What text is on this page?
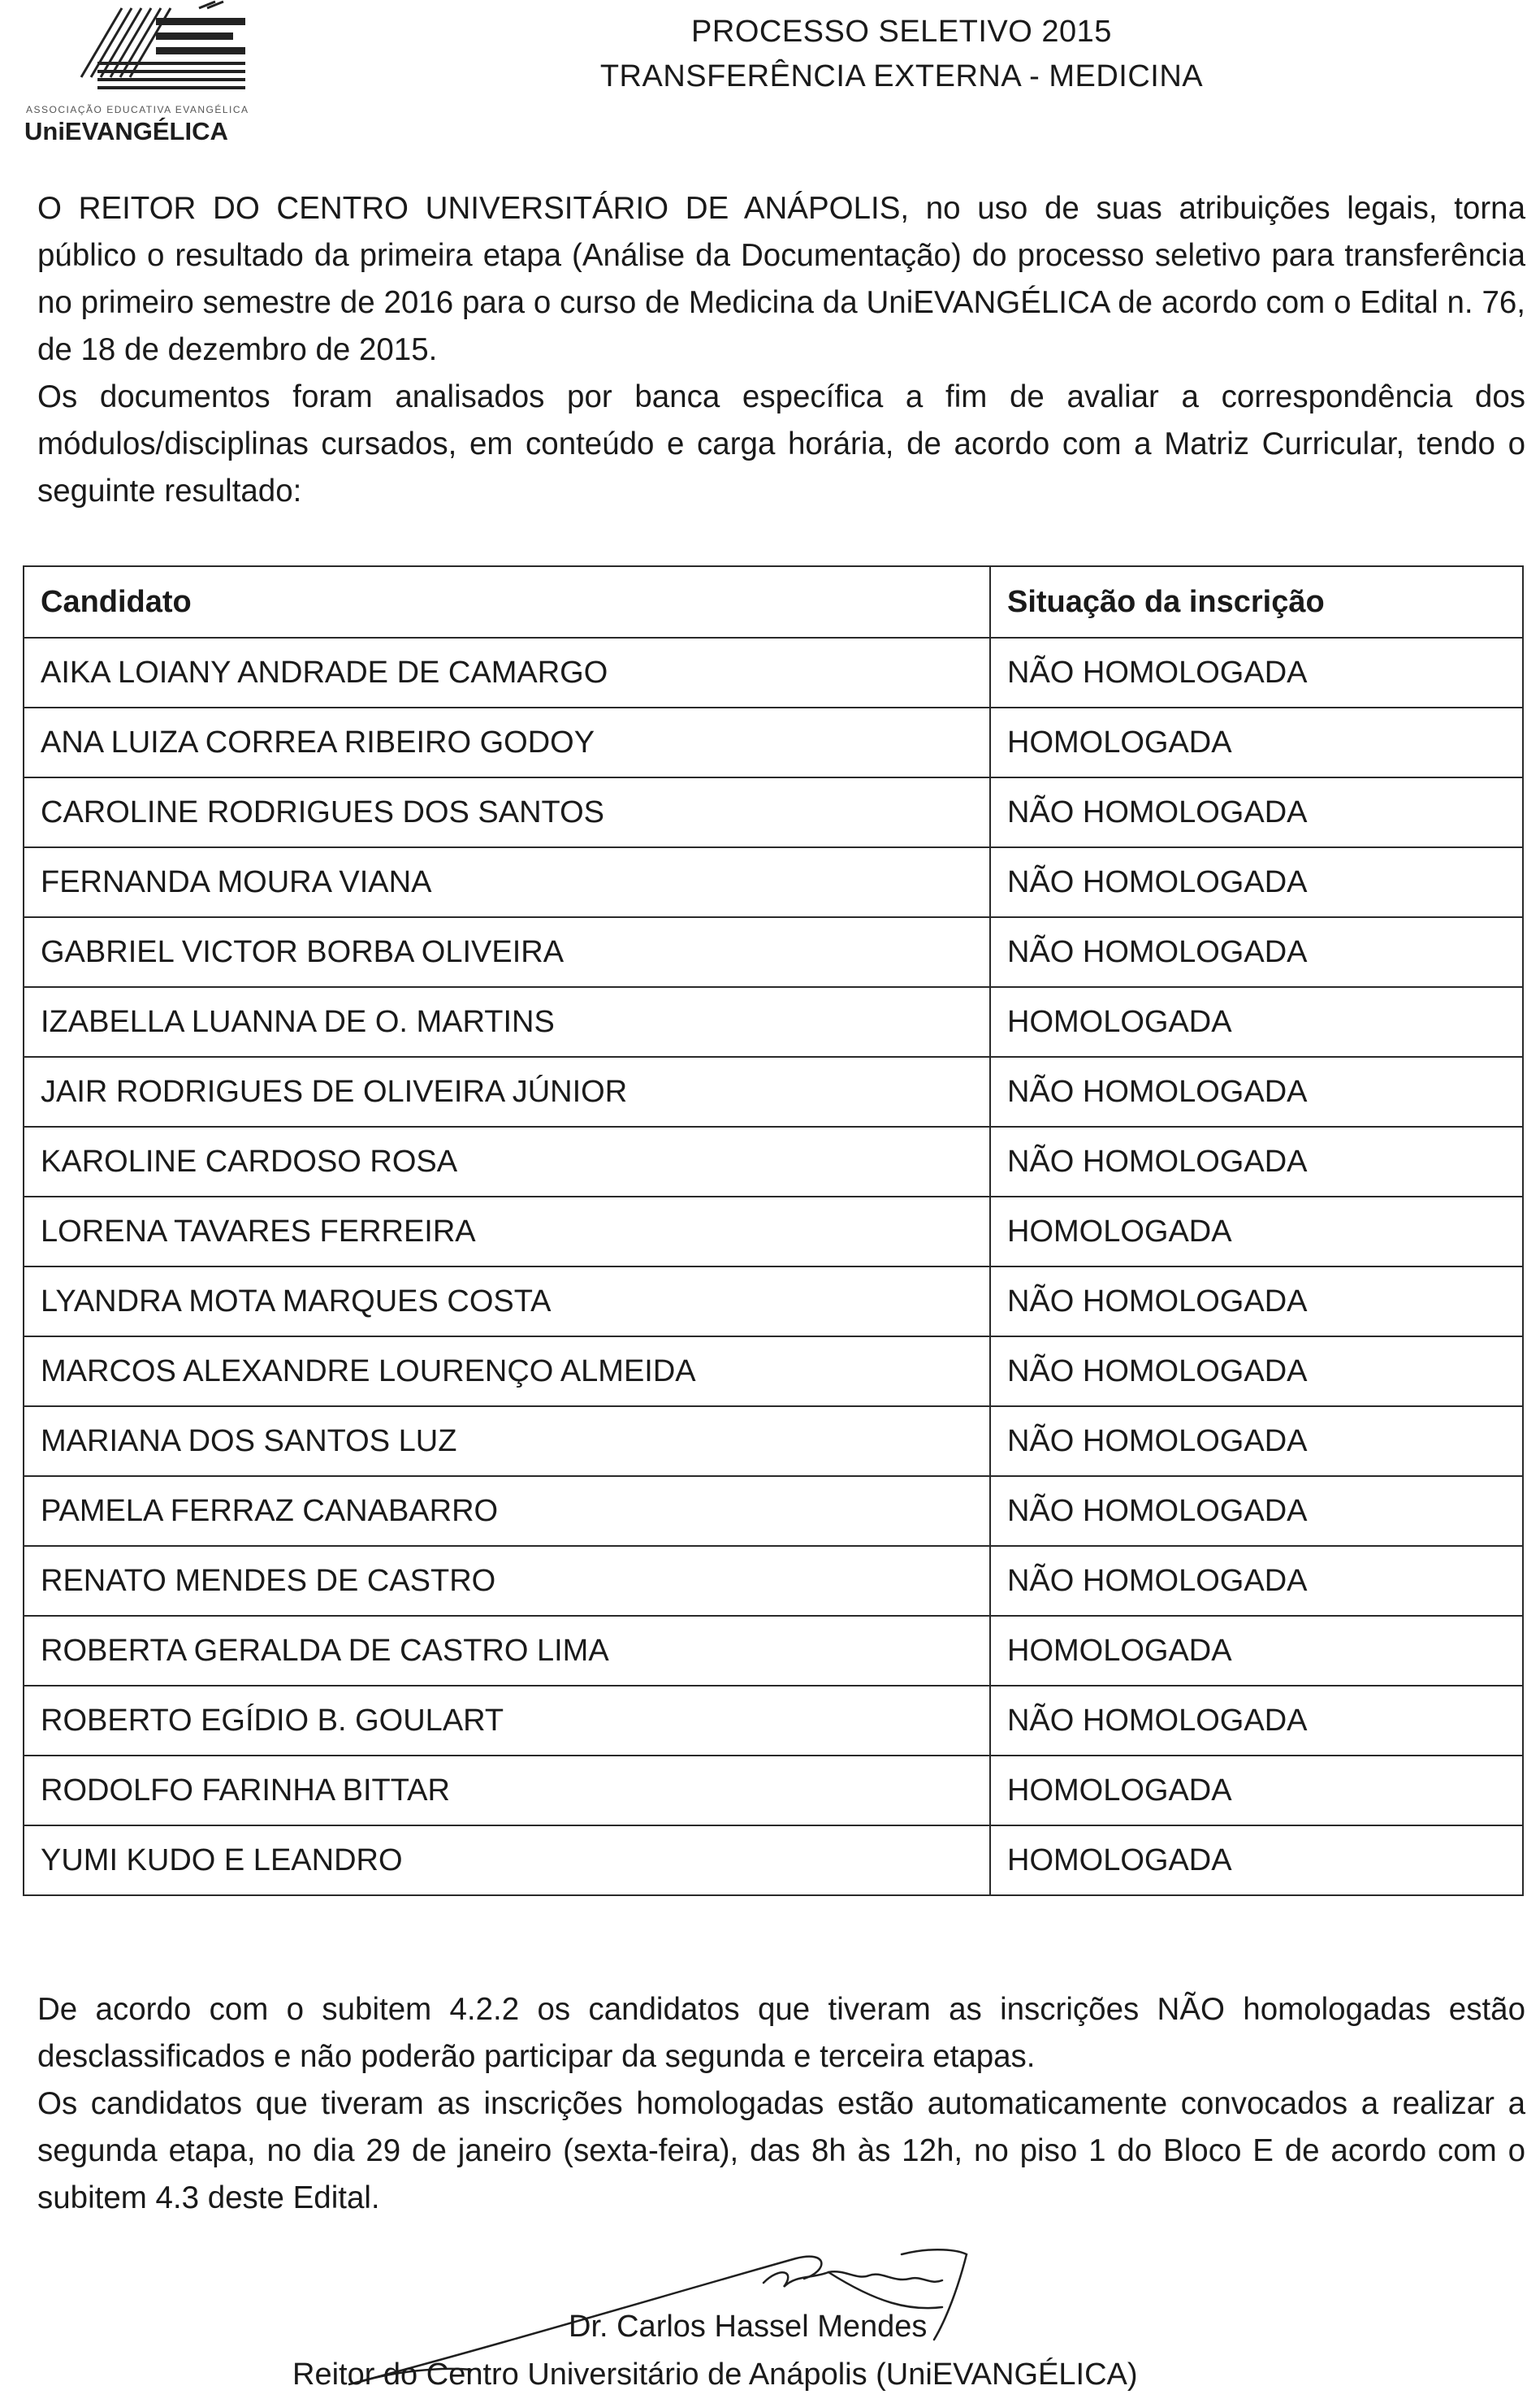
ASSOCIAÇÃO EDUCATIVA EVANGÉLICA
UniEVANGÉLICA
PROCESSO SELETIVO 2015
TRANSFERÊNCIA EXTERNA - MEDICINA

O REITOR DO CENTRO UNIVERSITÁRIO DE ANÁPOLIS, no uso de suas atribuições legais, torna público o resultado da primeira etapa (Análise da Documentação) do processo seletivo para transferência no primeiro semestre de 2016 para o curso de Medicina da UniEVANGÉLICA de acordo com o Edital n. 76, de 18 de dezembro de 2015.

Os documentos foram analisados por banca específica a fim de avaliar a correspondência dos módulos/disciplinas cursados, em conteúdo e carga horária, de acordo com a Matriz Curricular, tendo o seguinte resultado:

Candidato	Situação da inscrição
AIKA LOIANY ANDRADE DE CAMARGO	NÃO HOMOLOGADA
ANA LUIZA CORREA RIBEIRO GODOY	HOMOLOGADA
CAROLINE RODRIGUES DOS SANTOS	NÃO HOMOLOGADA
FERNANDA MOURA VIANA	NÃO HOMOLOGADA
GABRIEL VICTOR BORBA OLIVEIRA	NÃO HOMOLOGADA
IZABELLA LUANNA DE O. MARTINS	HOMOLOGADA
JAIR RODRIGUES DE OLIVEIRA JÚNIOR	NÃO HOMOLOGADA
KAROLINE CARDOSO ROSA	NÃO HOMOLOGADA
LORENA TAVARES FERREIRA	HOMOLOGADA
LYANDRA MOTA MARQUES COSTA	NÃO HOMOLOGADA
MARCOS ALEXANDRE LOURENÇO ALMEIDA	NÃO HOMOLOGADA
MARIANA DOS SANTOS LUZ	NÃO HOMOLOGADA
PAMELA FERRAZ CANABARRO	NÃO HOMOLOGADA
RENATO MENDES DE CASTRO	NÃO HOMOLOGADA
ROBERTA GERALDA DE CASTRO LIMA	HOMOLOGADA
ROBERTO EGÍDIO B. GOULART	NÃO HOMOLOGADA
RODOLFO FARINHA BITTAR	HOMOLOGADA
YUMI KUDO E LEANDRO	HOMOLOGADA

De acordo com o subitem 4.2.2 os candidatos que tiveram as inscrições NÃO homologadas estão desclassificados e não poderão participar da segunda e terceira etapas.

Os candidatos que tiveram as inscrições homologadas estão automaticamente convocados a realizar a segunda etapa, no dia 29 de janeiro (sexta-feira), das 8h às 12h, no piso 1 do Bloco E de acordo com o subitem 4.3 deste Edital.

Dr. Carlos Hassel Mendes
Reitor do Centro Universitário de Anápolis (UniEVANGÉLICA)
